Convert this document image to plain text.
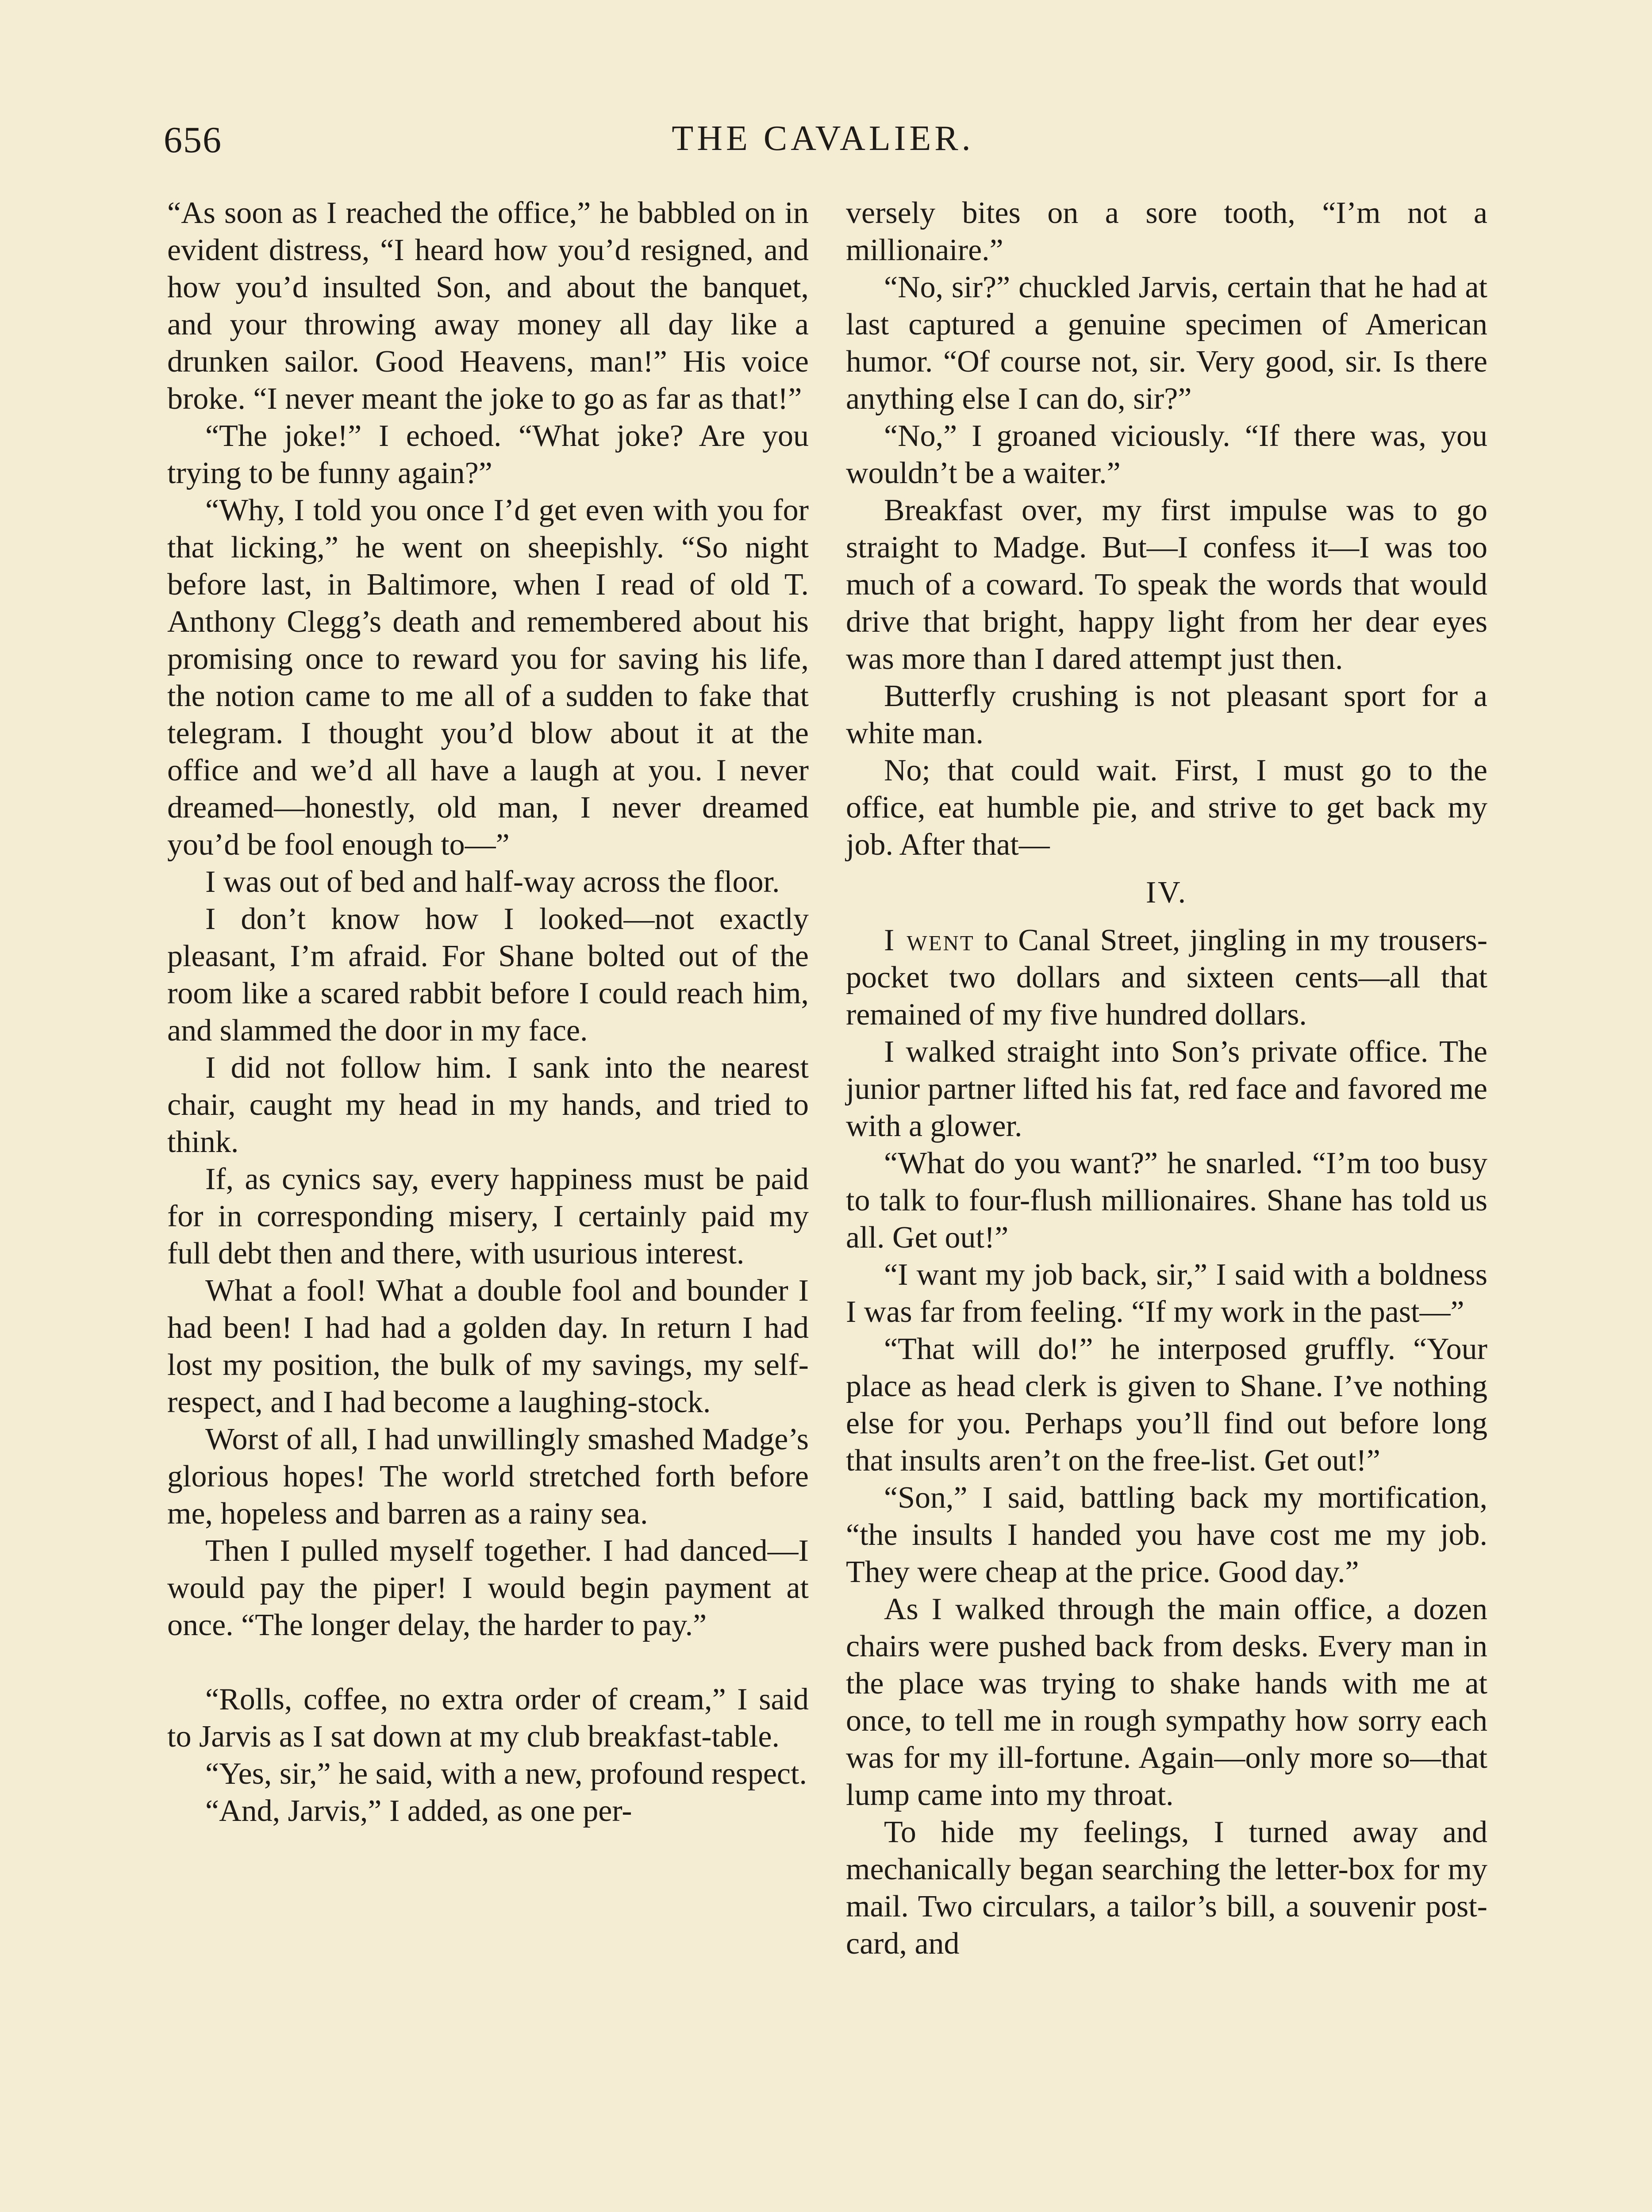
656	THE CAVALIER.

“As soon as I reached the office,” he babbled on in evident distress, “I heard how you’d resigned, and how you’d insulted Son, and about the banquet, and your throwing away money all day like a drunken sailor. Good Heavens, man!” His voice broke. “I never meant the joke to go as far as that!”

“The joke!” I echoed. “What joke? Are you trying to be funny again?”

“Why, I told you once I’d get even with you for that licking,” he went on sheepishly. “So night before last, in Baltimore, when I read of old T. Anthony Clegg’s death and remembered about his promising once to reward you for saving his life, the notion came to me all of a sudden to fake that telegram. I thought you’d blow about it at the office and we’d all have a laugh at you. I never dreamed—honestly, old man, I never dreamed you’d be fool enough to—”

I was out of bed and half-way across the floor.

I don’t know how I looked—not exactly pleasant, I’m afraid. For Shane bolted out of the room like a scared rabbit before I could reach him, and slammed the door in my face.

I did not follow him. I sank into the nearest chair, caught my head in my hands, and tried to think.

If, as cynics say, every happiness must be paid for in corresponding misery, I certainly paid my full debt then and there, with usurious interest.

What a fool! What a double fool and bounder I had been! I had had a golden day. In return I had lost my position, the bulk of my savings, my self-respect, and I had become a laughing-stock.

Worst of all, I had unwillingly smashed Madge’s glorious hopes! The world stretched forth before me, hopeless and barren as a rainy sea.

Then I pulled myself together. I had danced—I would pay the piper! I would begin payment at once. “The longer delay, the harder to pay.”

“Rolls, coffee, no extra order of cream,” I said to Jarvis as I sat down at my club breakfast-table.

“Yes, sir,” he said, with a new, profound respect.

“And, Jarvis,” I added, as one per-

versely bites on a sore tooth, “I’m not a millionaire.”

“No, sir?” chuckled Jarvis, certain that he had at last captured a genuine specimen of American humor. “Of course not, sir. Very good, sir. Is there anything else I can do, sir?”

“No,” I groaned viciously. “If there was, you wouldn’t be a waiter.”

Breakfast over, my first impulse was to go straight to Madge. But—I confess it—I was too much of a coward. To speak the words that would drive that bright, happy light from her dear eyes was more than I dared attempt just then.

Butterfly crushing is not pleasant sport for a white man.

No; that could wait. First, I must go to the office, eat humble pie, and strive to get back my job. After that—

IV.

I went to Canal Street, jingling in my trousers-pocket two dollars and sixteen cents—all that remained of my five hundred dollars.

I walked straight into Son’s private office. The junior partner lifted his fat, red face and favored me with a glower.

“What do you want?” he snarled. “I’m too busy to talk to four-flush millionaires. Shane has told us all. Get out!”

“I want my job back, sir,” I said with a boldness I was far from feeling. “If my work in the past—”

“That will do!” he interposed gruffly. “Your place as head clerk is given to Shane. I’ve nothing else for you. Perhaps you’ll find out before long that insults aren’t on the free-list. Get out!”

“Son,” I said, battling back my mortification, “the insults I handed you have cost me my job. They were cheap at the price. Good day.”

As I walked through the main office, a dozen chairs were pushed back from desks. Every man in the place was trying to shake hands with me at once, to tell me in rough sympathy how sorry each was for my ill-fortune. Again—only more so—that lump came into my throat.

To hide my feelings, I turned away and mechanically began searching the letter-box for my mail. Two circulars, a tailor’s bill, a souvenir post-card, and
